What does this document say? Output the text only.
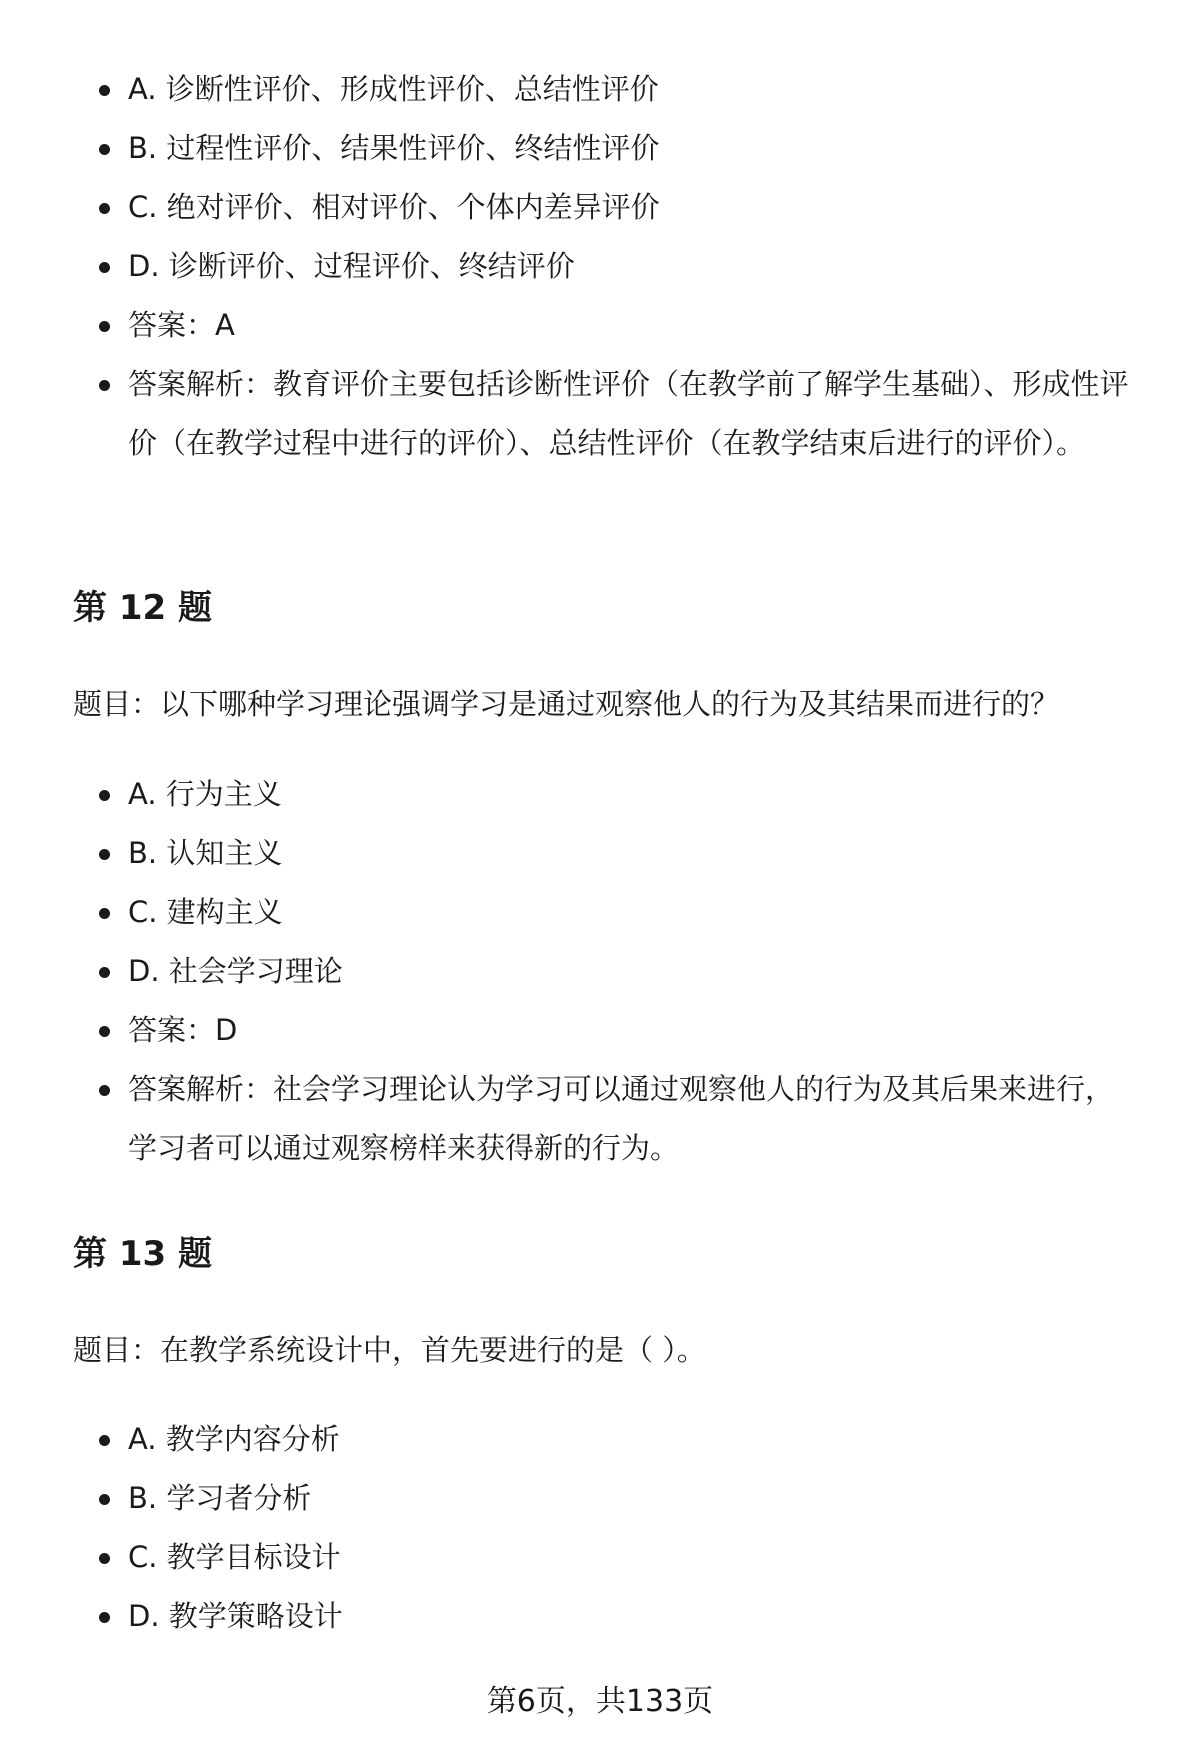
A. 诊断性评价、形成性评价、总结性评价
B. 过程性评价、结果性评价、终结性评价
C. 绝对评价、相对评价、个体内差异评价
D. 诊断评价、过程评价、终结评价
答案：A
答案解析：教育评价主要包括诊断性评价（在教学前了解学生基础）、形成性评价（在教学过程中进行的评价）、总结性评价（在教学结束后进行的评价）。
第 12 题
题目：以下哪种学习理论强调学习是通过观察他人的行为及其结果而进行的？
A. 行为主义
B. 认知主义
C. 建构主义
D. 社会学习理论
答案：D
答案解析：社会学习理论认为学习可以通过观察他人的行为及其后果来进行，学习者可以通过观察榜样来获得新的行为。
第 13 题
题目：在教学系统设计中，首先要进行的是（ ）。
A. 教学内容分析
B. 学习者分析
C. 教学目标设计
D. 教学策略设计
第6页，共133页
